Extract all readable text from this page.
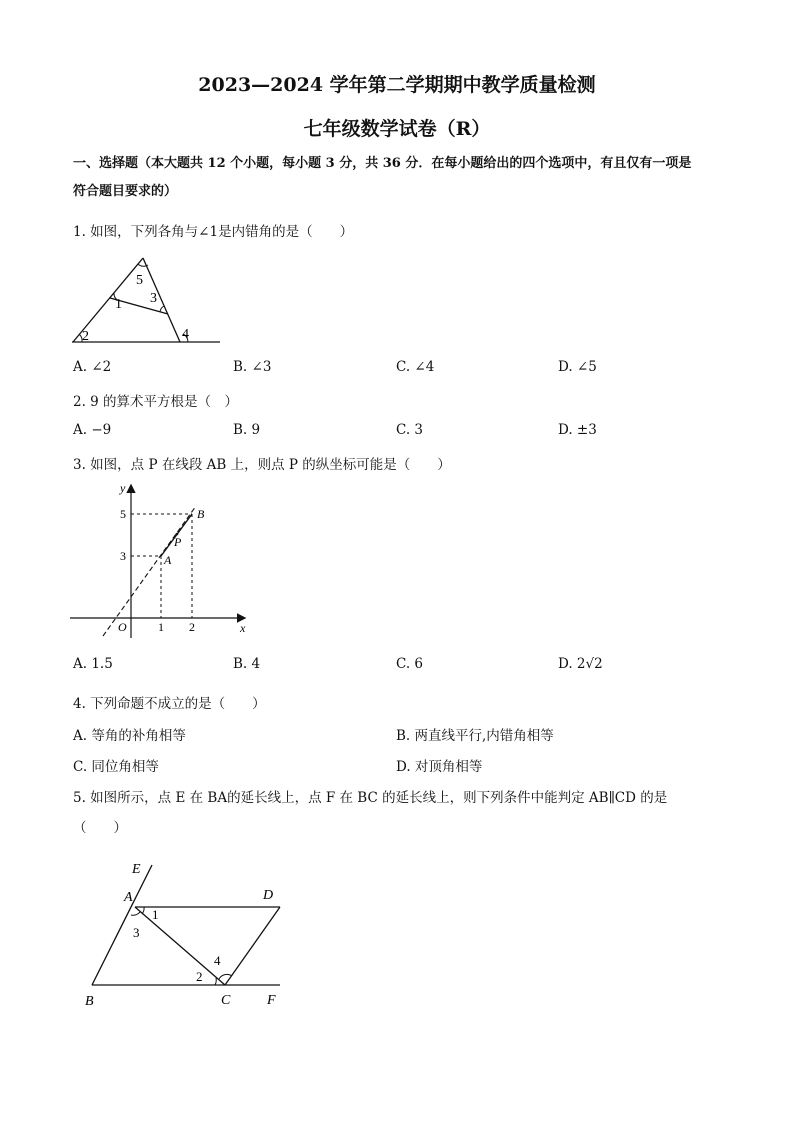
2023—2024 学年第二学期期中教学质量检测
七年级数学试卷（R）
一、选择题（本大题共 12 个小题，每小题 3 分，共 36 分．在每小题给出的四个选项中，有且仅有一项是
符合题目要求的）
1. 如图，下列各角与∠1是内错角的是（　　）
1
2
3
4
5
A. ∠2	B. ∠3	C. ∠4	D. ∠5
2. 9 的算术平方根是（　）
A. −9	B. 9	C. 3	D. ±3
3. 如图，点 P 在线段 AB 上，则点 P 的纵坐标可能是（　　）
y
x
O
5
3
1 2
A
B
P
A. 1.5	B. 4	C. 6	D. 2√2
4. 下列命题不成立的是（　　）
A. 等角的补角相等	B. 两直线平行,内错角相等
C. 同位角相等	D. 对顶角相等
5. 如图所示，点 E 在 BA的延长线上，点 F 在 BC 的延长线上，则下列条件中能判定 AB∥CD 的是
（　　）
E
A	D
B	C	F
1
3
4
2
